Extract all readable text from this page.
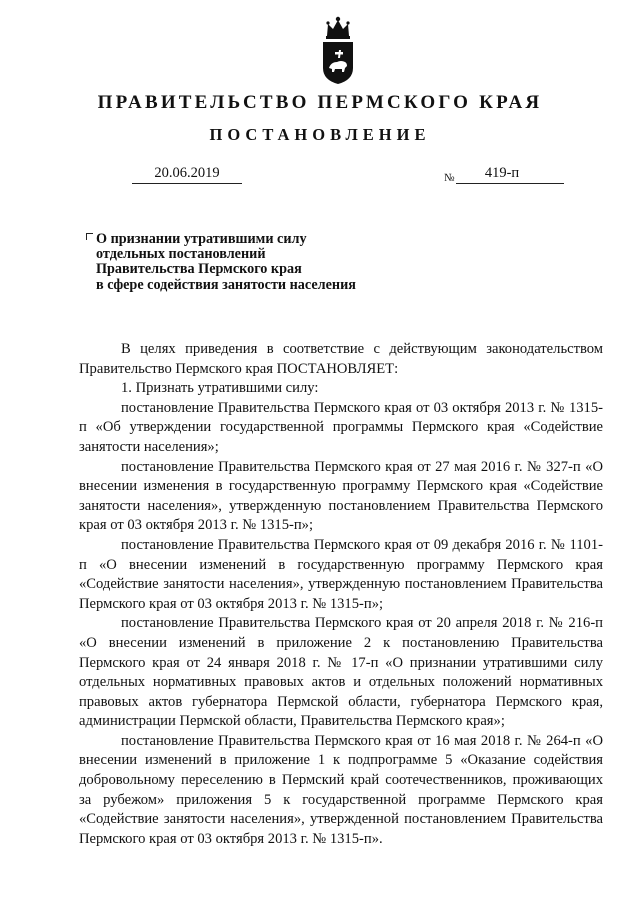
ПРАВИТЕЛЬСТВО ПЕРМСКОГО КРАЯ
ПОСТАНОВЛЕНИЕ
20.06.2019	№	419-п
О признании утратившими силу
отдельных постановлений
Правительства Пермского края
в сфере содействия занятости населения

В целях приведения в соответствие с действующим законодательством Правительство Пермского края ПОСТАНОВЛЯЕТ:

1. Признать утратившими силу:

постановление Правительства Пермского края от 03 октября 2013 г. № 1315-п «Об утверждении государственной программы Пермского края «Содействие занятости населения»;

постановление Правительства Пермского края от 27 мая 2016 г. № 327-п «О внесении изменения в государственную программу Пермского края «Содействие занятости населения», утвержденную постановлением Правительства Пермского края от 03 октября 2013 г. № 1315-п»;

постановление Правительства Пермского края от 09 декабря 2016 г. № 1101-п «О внесении изменений в государственную программу Пермского края «Содействие занятости населения», утвержденную постановлением Правительства Пермского края от 03 октября 2013 г. № 1315-п»;

постановление Правительства Пермского края от 20 апреля 2018 г. № 216-п «О внесении изменений в приложение 2 к постановлению Правительства Пермского края от 24 января 2018 г. № 17-п «О признании утратившими силу отдельных нормативных правовых актов и отдельных положений нормативных правовых актов губернатора Пермской области, губернатора Пермского края, администрации Пермской области, Правительства Пермского края»;

постановление Правительства Пермского края от 16 мая 2018 г. № 264-п «О внесении изменений в приложение 1 к подпрограмме 5 «Оказание содействия добровольному переселению в Пермский край соотечественников, проживающих за рубежом» приложения 5 к государственной программе Пермского края «Содействие занятости населения», утвержденной постановлением Правительства Пермского края от 03 октября 2013 г. № 1315-п».
